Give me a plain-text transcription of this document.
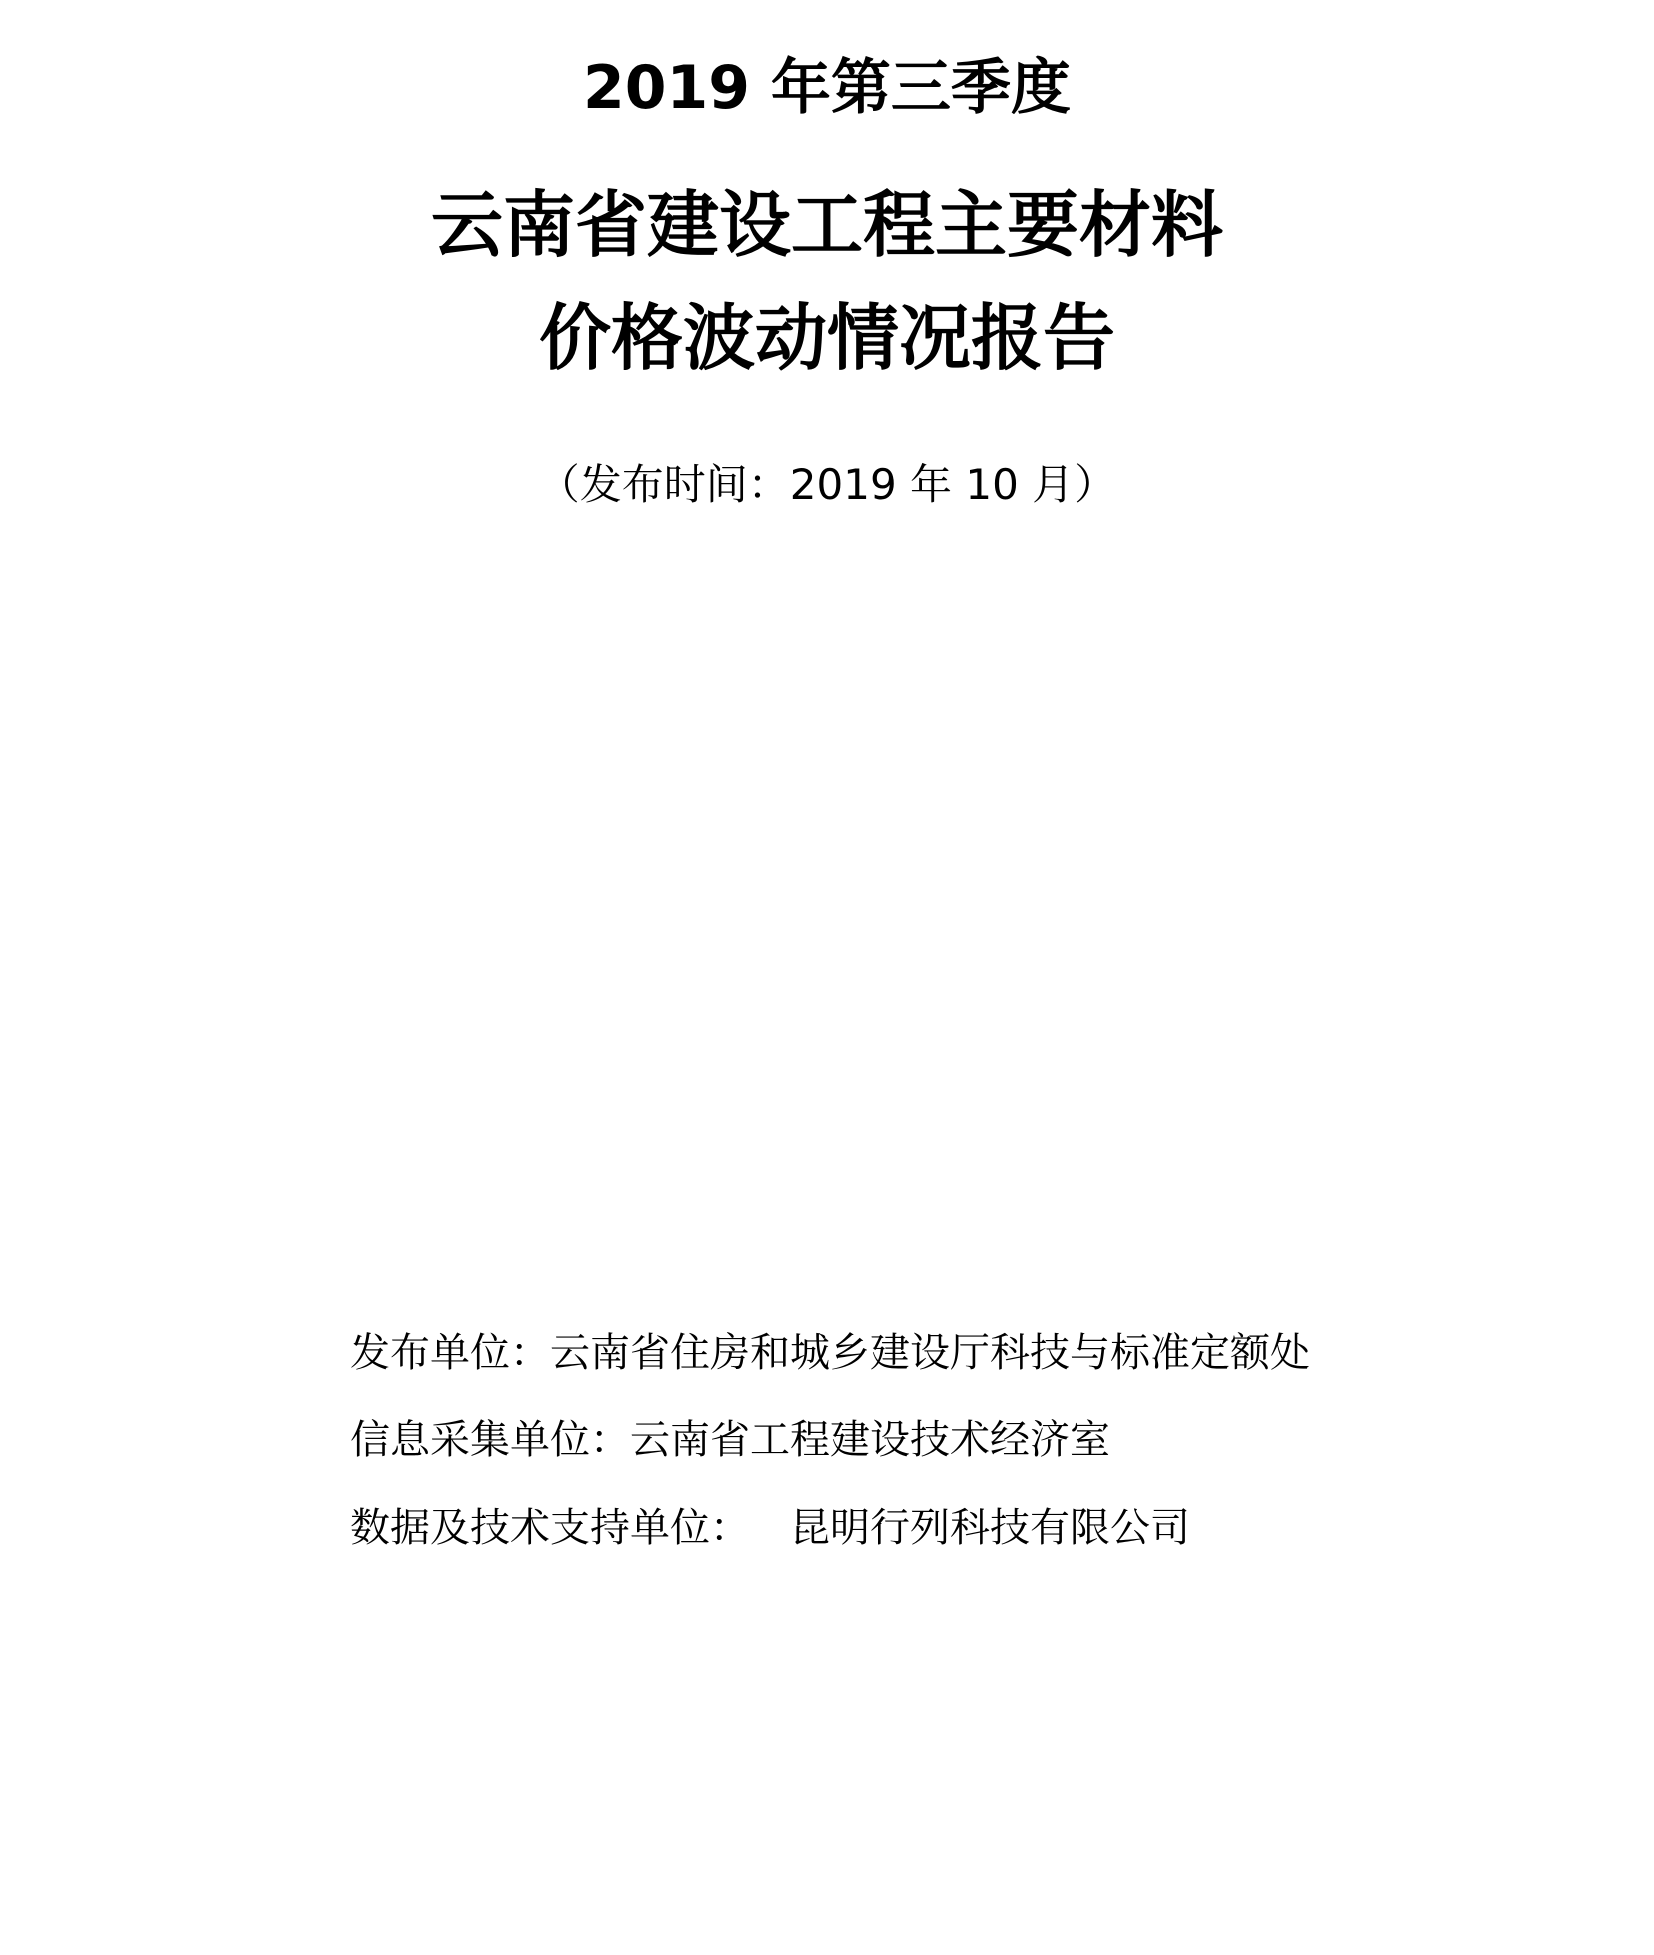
2019 年第三季度
云南省建设工程主要材料
价格波动情况报告
（发布时间：2019 年 10 月）
发布单位：云南省住房和城乡建设厅科技与标准定额处
信息采集单位：云南省工程建设技术经济室
数据及技术支持单位： 昆明行列科技有限公司
